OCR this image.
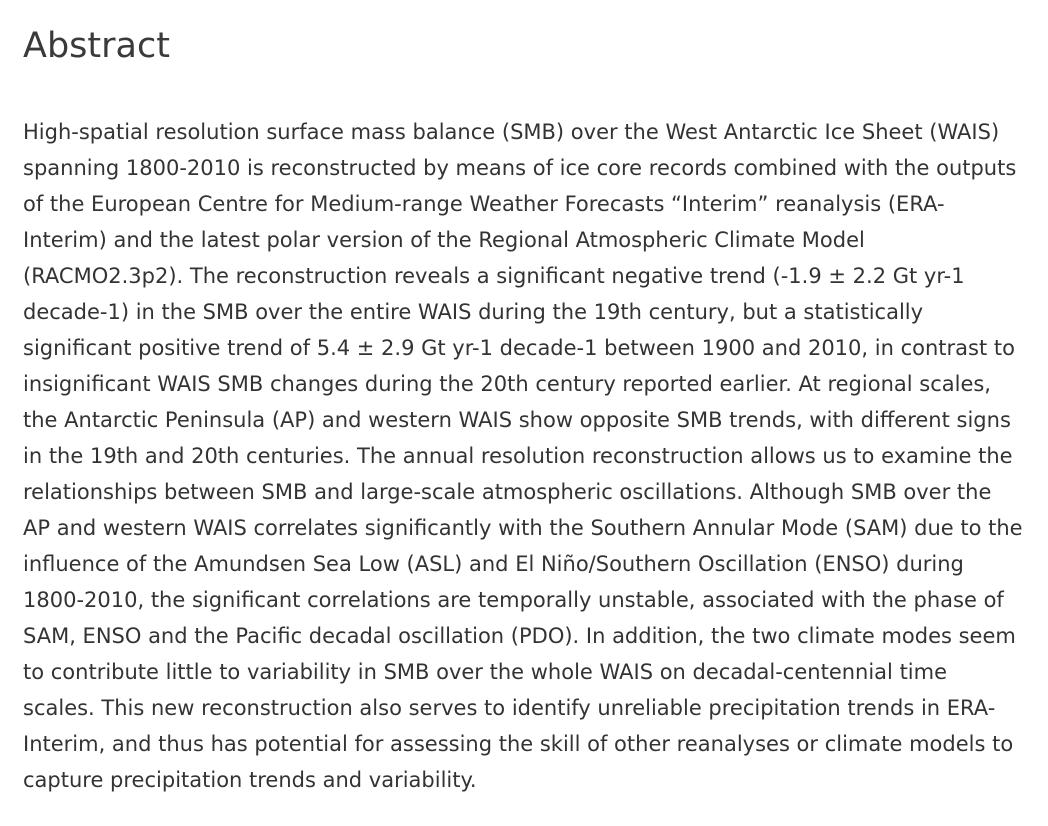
Abstract

High-spatial resolution surface mass balance (SMB) over the West Antarctic Ice Sheet (WAIS) spanning 1800-2010 is reconstructed by means of ice core records combined with the outputs of the European Centre for Medium-range Weather Forecasts “Interim” reanalysis (ERA-Interim) and the latest polar version of the Regional Atmospheric Climate Model (RACMO2.3p2). The reconstruction reveals a significant negative trend (-1.9 ± 2.2 Gt yr-1 decade-1) in the SMB over the entire WAIS during the 19th century, but a statistically significant positive trend of 5.4 ± 2.9 Gt yr-1 decade-1 between 1900 and 2010, in contrast to insignificant WAIS SMB changes during the 20th century reported earlier. At regional scales, the Antarctic Peninsula (AP) and western WAIS show opposite SMB trends, with different signs in the 19th and 20th centuries. The annual resolution reconstruction allows us to examine the relationships between SMB and large-scale atmospheric oscillations. Although SMB over the AP and western WAIS correlates significantly with the Southern Annular Mode (SAM) due to the influence of the Amundsen Sea Low (ASL) and El Niño/Southern Oscillation (ENSO) during 1800-2010, the significant correlations are temporally unstable, associated with the phase of SAM, ENSO and the Pacific decadal oscillation (PDO). In addition, the two climate modes seem to contribute little to variability in SMB over the whole WAIS on decadal-centennial time scales. This new reconstruction also serves to identify unreliable precipitation trends in ERA-Interim, and thus has potential for assessing the skill of other reanalyses or climate models to capture precipitation trends and variability.
